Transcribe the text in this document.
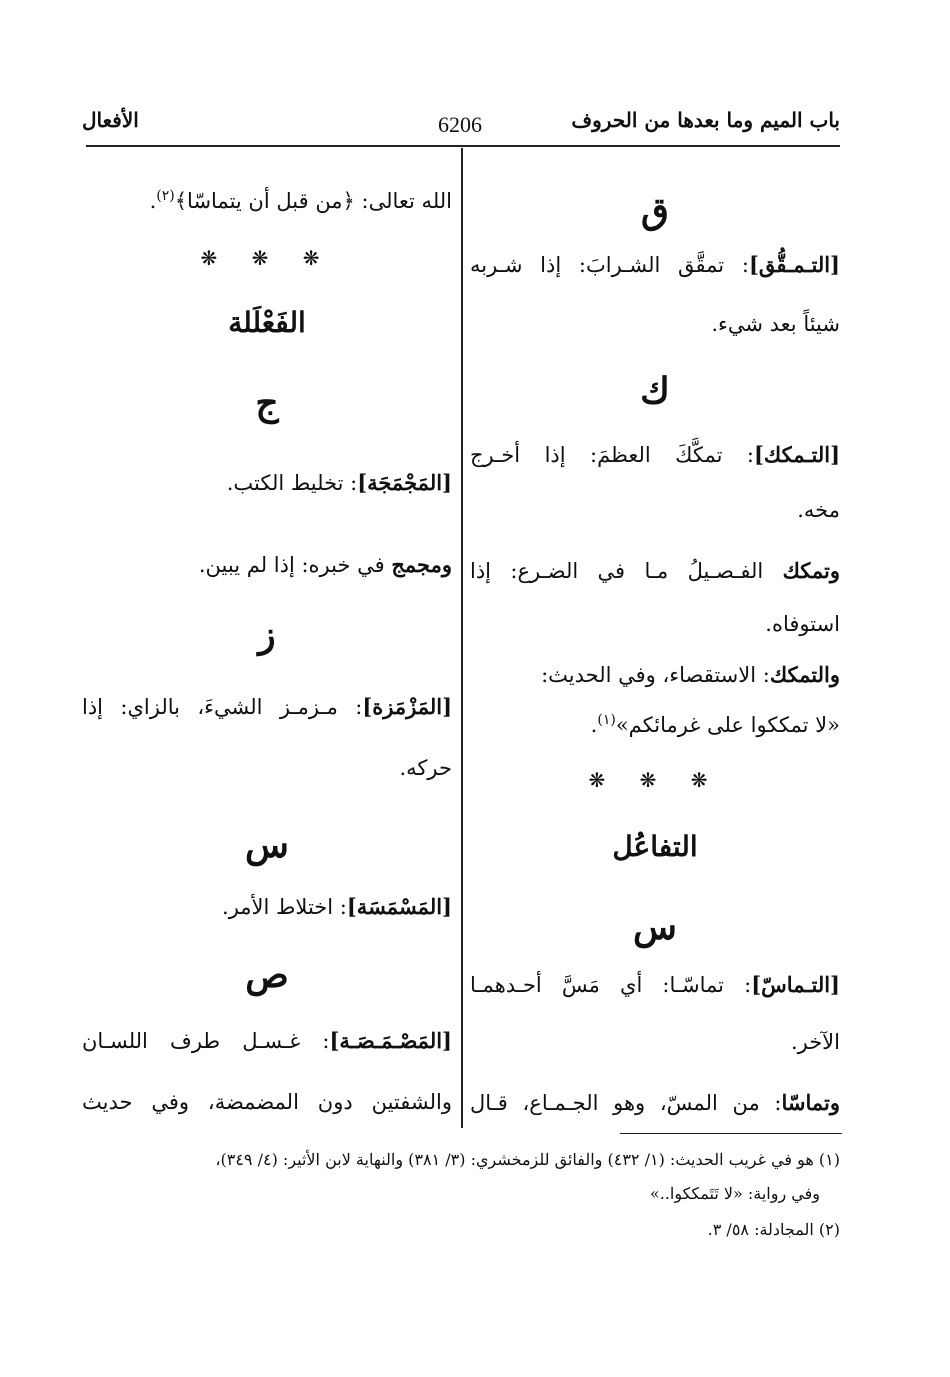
باب الميم وما بعدها من الحروف
6206
الأفعال
ق
[التـمـقُّق]: تمقَّق الشـرابَ: إذا شـربه
شيئاً بعد شيء.
ك
[التـمكك]: تمكَّكَ العظمَ: إذا أخـرج
مخه.
وتمكك الفـصـيلُ مـا في الضـرع: إذا
استوفاه.
والتمكك: الاستقصاء، وفي الحديث:
«لا تمككوا على غرمائكم»$^{(١)}$.
❋ ❋ ❋
التفاعُل
س
[التـماسّ]: تماسّـا: أي مَسَّ أحـدهمـا
الآخر.
وتماسّا: من المسّ، وهو الجـمـاع، قـال
الله تعالى: ﴿من قبل أن يتماسّا﴾$^{(٢)}$.
❋ ❋ ❋
الفَعْلَلة
ج
[المَجْمَجَة]: تخليط الكتب.
ومجمج في خبره: إذا لم يبين.
ز
[المَزْمَزة]: مـزمـز الشيءَ، بالزاي: إذا
حركه.
س
[المَسْمَسَة]: اختلاط الأمر.
ص
[المَصْـمَـصَـة]: غـسـل طرف اللسـان
والشفتين دون المضمضة، وفي حديث
(١) هو في غريب الحديث: (١/ ٤٣٢) والفائق للزمخشري: (٣/ ٣٨١) والنهاية لابن الأثير: (٤/ ٣٤٩)،
وفي رواية: «لا تَتَمككوا..»
(٢) المجادلة: ٥٨/ ٣.
